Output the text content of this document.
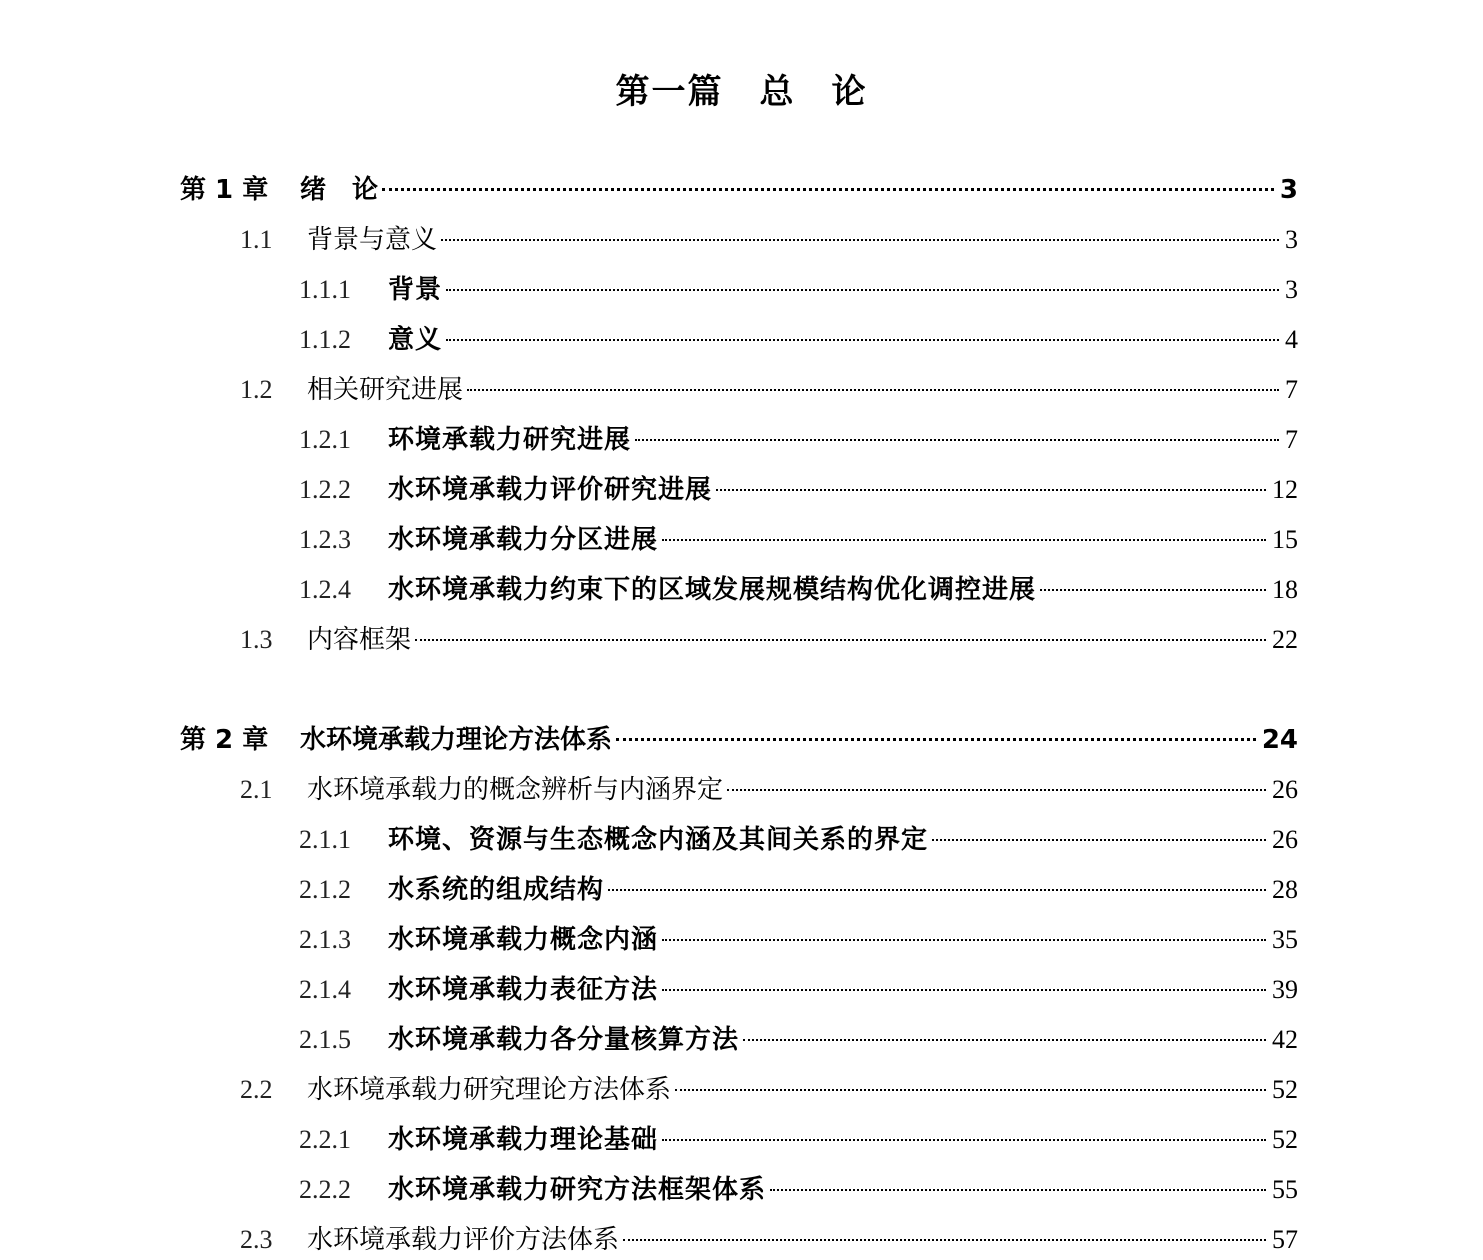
第一篇　总　论
第 1 章	绪　论	3
1.1	背景与意义	3
1.1.1	背景	3
1.1.2	意义	4
1.2	相关研究进展	7
1.2.1	环境承载力研究进展	7
1.2.2	水环境承载力评价研究进展	12
1.2.3	水环境承载力分区进展	15
1.2.4	水环境承载力约束下的区域发展规模结构优化调控进展	18
1.3	内容框架	22
第 2 章	水环境承载力理论方法体系	24
2.1	水环境承载力的概念辨析与内涵界定	26
2.1.1	环境、资源与生态概念内涵及其间关系的界定	26
2.1.2	水系统的组成结构	28
2.1.3	水环境承载力概念内涵	35
2.1.4	水环境承载力表征方法	39
2.1.5	水环境承载力各分量核算方法	42
2.2	水环境承载力研究理论方法体系	52
2.2.1	水环境承载力理论基础	52
2.2.2	水环境承载力研究方法框架体系	55
2.3	水环境承载力评价方法体系	57
